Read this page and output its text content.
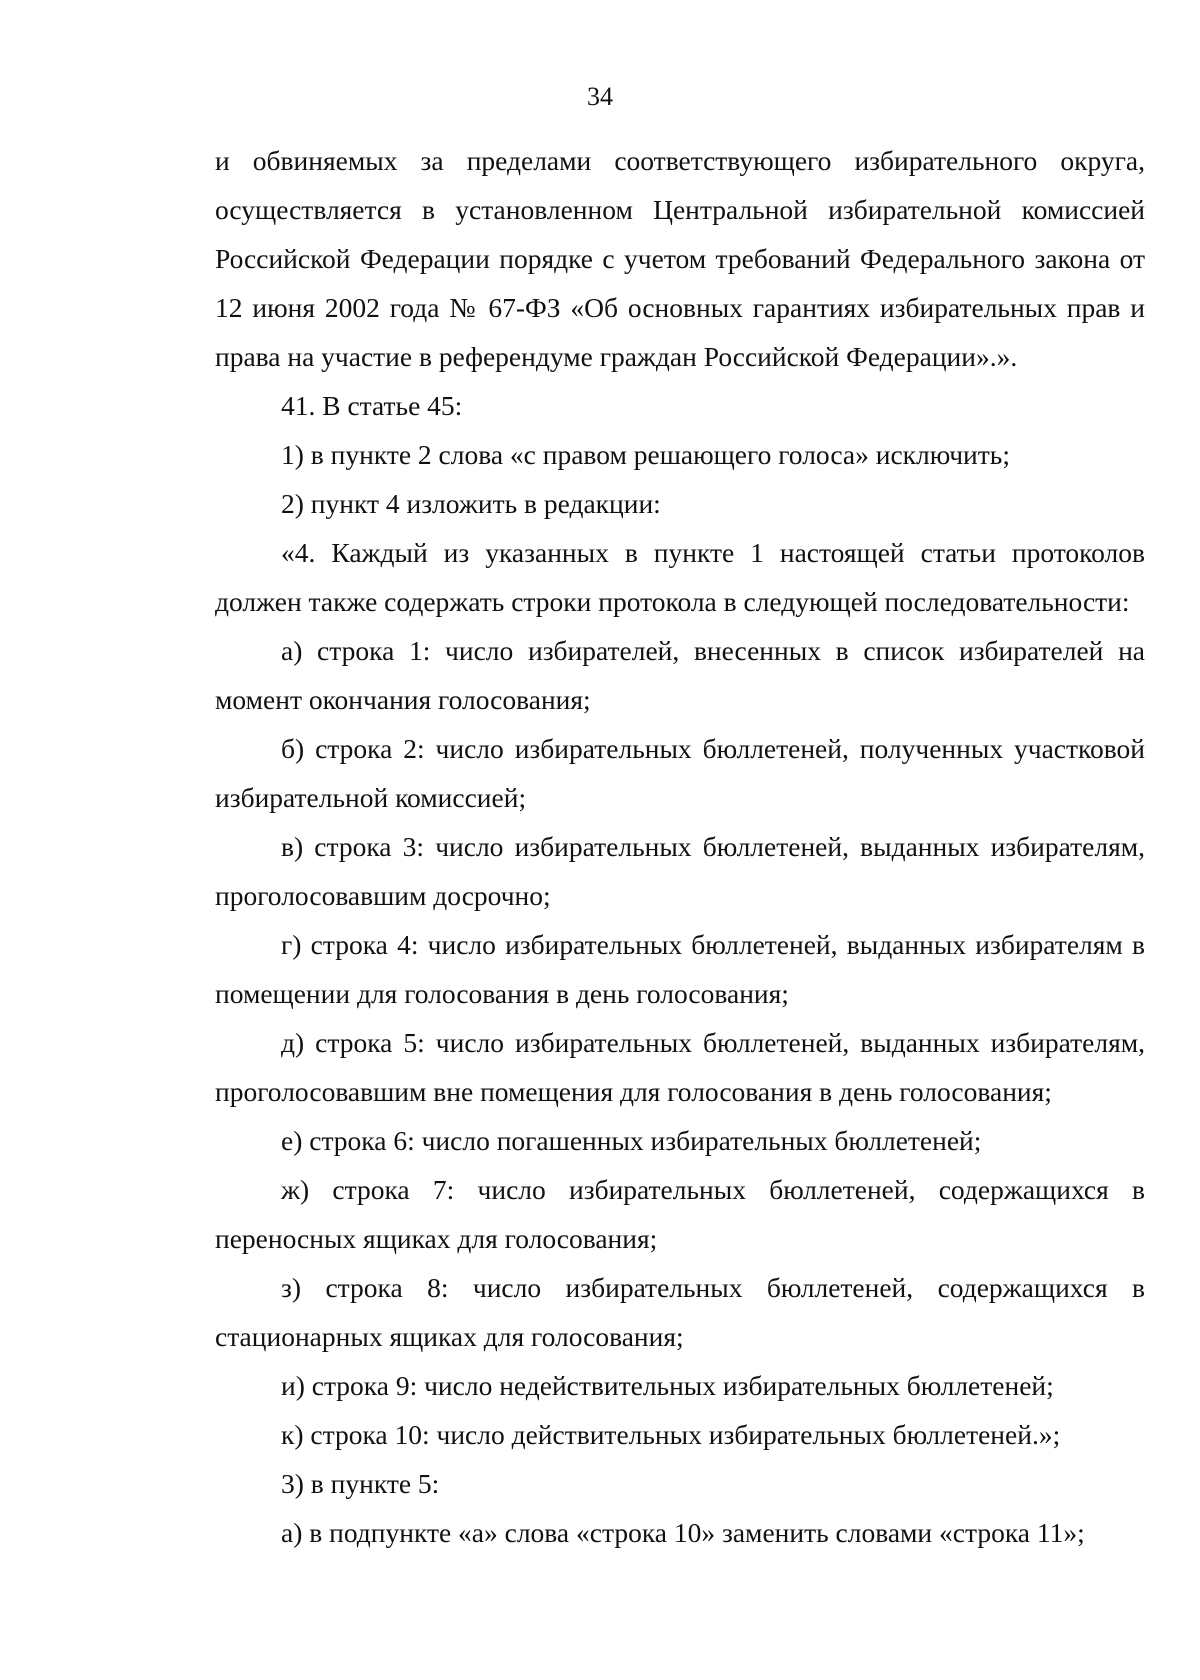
34

и обвиняемых за пределами соответствующего избирательного округа, осуществляется в установленном Центральной избирательной комиссией Российской Федерации порядке с учетом требований Федерального закона от 12 июня 2002 года № 67-ФЗ «Об основных гарантиях избирательных прав и права на участие в референдуме граждан Российской Федерации».».

41. В статье 45:

1) в пункте 2 слова «с правом решающего голоса» исключить;

2) пункт 4 изложить в редакции:

«4. Каждый из указанных в пункте 1 настоящей статьи протоколов должен также содержать строки протокола в следующей последовательности:

а) строка 1: число избирателей, внесенных в список избирателей на момент окончания голосования;

б) строка 2: число избирательных бюллетеней, полученных участковой избирательной комиссией;

в) строка 3: число избирательных бюллетеней, выданных избирателям, проголосовавшим досрочно;

г) строка 4: число избирательных бюллетеней, выданных избирателям в помещении для голосования в день голосования;

д) строка 5: число избирательных бюллетеней, выданных избирателям, проголосовавшим вне помещения для голосования в день голосования;

е) строка 6: число погашенных избирательных бюллетеней;

ж) строка 7: число избирательных бюллетеней, содержащихся в переносных ящиках для голосования;

з) строка 8: число избирательных бюллетеней, содержащихся в стационарных ящиках для голосования;

и) строка 9: число недействительных избирательных бюллетеней;

к) строка 10: число действительных избирательных бюллетеней.»;

3) в пункте 5:

а) в подпункте «а» слова «строка 10» заменить словами «строка 11»;
